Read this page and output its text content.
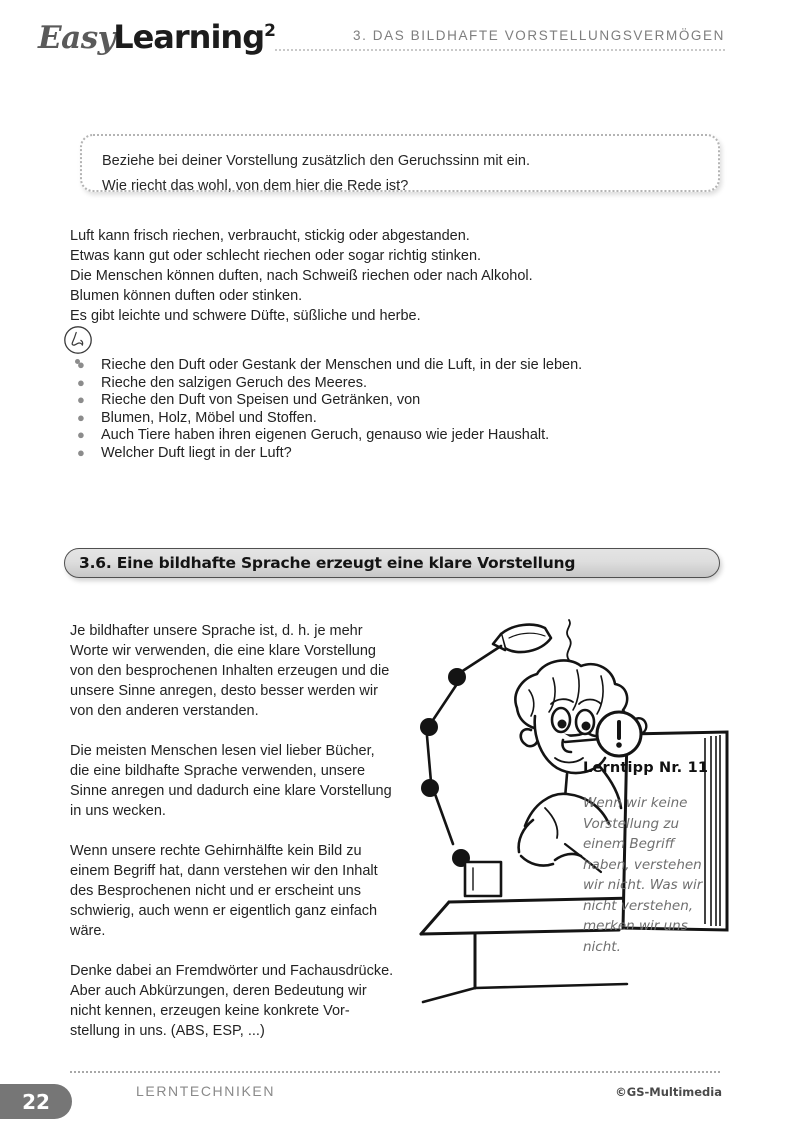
EasyLearning2	3. DAS BILDHAFTE VORSTELLUNGSVERMÖGEN
Beziehe bei deiner Vorstellung zusätzlich den Geruchssinn mit ein.
Wie riecht das wohl, von dem hier die Rede ist?
Luft kann frisch riechen, verbraucht, stickig oder abgestanden.
Etwas kann gut oder schlecht riechen oder sogar richtig stinken.
Die Menschen können duften, nach Schweiß riechen oder nach Alkohol.
Blumen können duften oder stinken.
Es gibt leichte und schwere Düfte, süßliche und herbe.
●	Rieche den Duft oder Gestank der Menschen und die Luft, in der sie leben.
●	Rieche den salzigen Geruch des Meeres.
●	Rieche den Duft von Speisen und Getränken, von
●	Blumen, Holz, Möbel und Stoffen.
●	Auch Tiere haben ihren eigenen Geruch, genauso wie jeder Haushalt.
●	Welcher Duft liegt in der Luft?
3.6. Eine bildhafte Sprache erzeugt eine klare Vorstellung
Je bildhafter unsere Sprache ist, d. h. je mehr
Worte wir verwenden, die eine klare Vorstellung
von den besprochenen Inhalten erzeugen und die
unsere Sinne anregen, desto besser werden wir
von den anderen verstanden.
Die meisten Menschen lesen viel lieber Bücher,
die eine bildhafte Sprache verwenden, unsere
Sinne anregen und dadurch eine klare Vorstellung
in uns wecken.
Wenn unsere rechte Gehirnhälfte kein Bild zu
einem Begriff hat, dann verstehen wir den Inhalt
des Besprochenen nicht und er erscheint uns
schwierig, auch wenn er eigentlich ganz einfach
wäre.
Denke dabei an Fremdwörter und Fachausdrücke.
Aber auch Abkürzungen, deren Bedeutung wir
nicht kennen, erzeugen keine konkrete Vor-
stellung in uns. (ABS, ESP, ...)
Lerntipp Nr. 11
Wenn wir keine Vorstellung zu einem Begriff haben, verstehen wir nicht. Was wir nicht verstehen, merken wir uns nicht.
22	LERNTECHNIKEN	©GS-Multimedia
